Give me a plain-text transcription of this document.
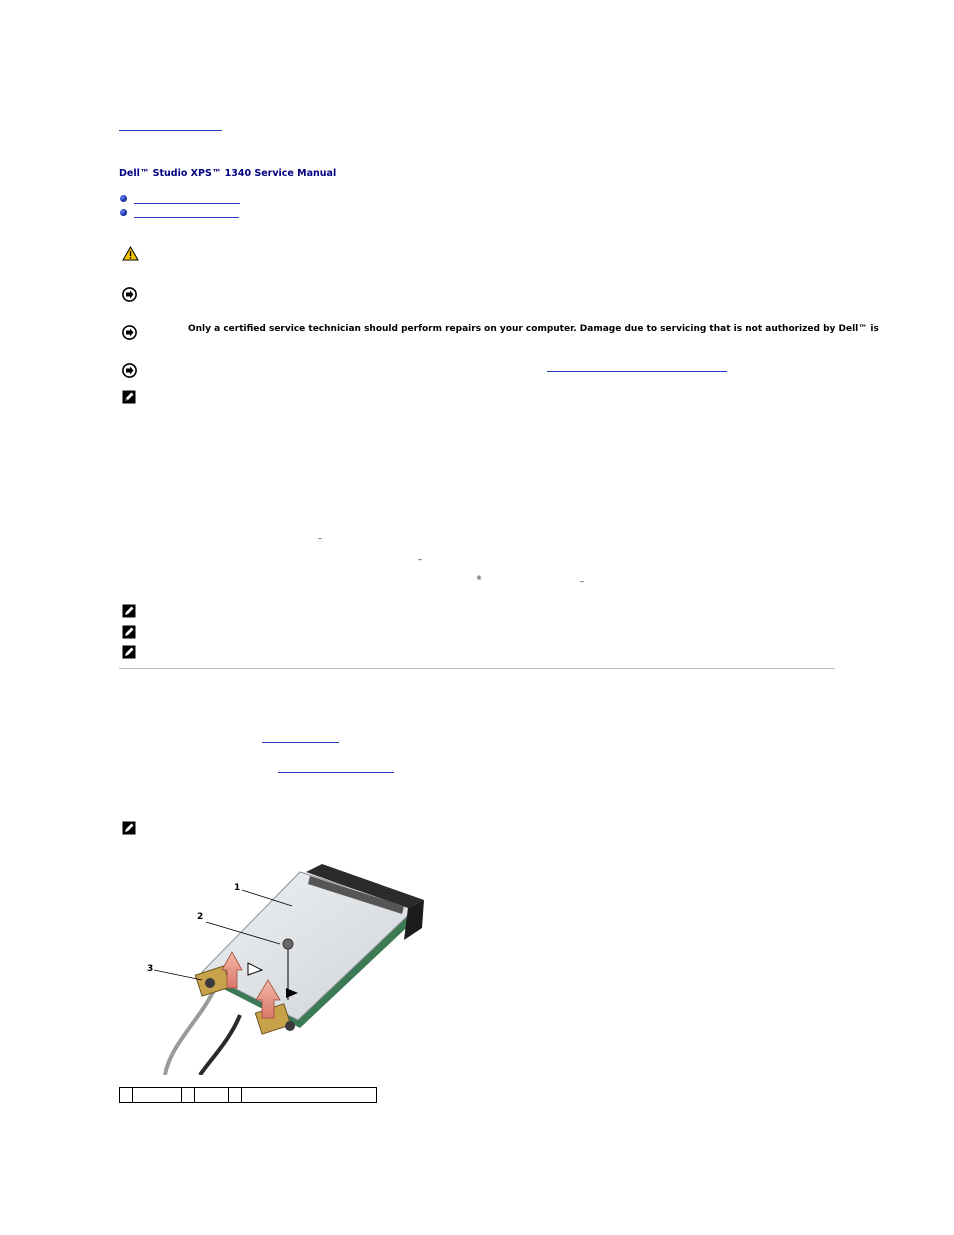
Dell™ Studio XPS™ 1340 Service Manual
Only a certified service technician should perform repairs on your computer. Damage due to servicing that is not authorized by Dell™ is
–
–
®	–
1
2
3
